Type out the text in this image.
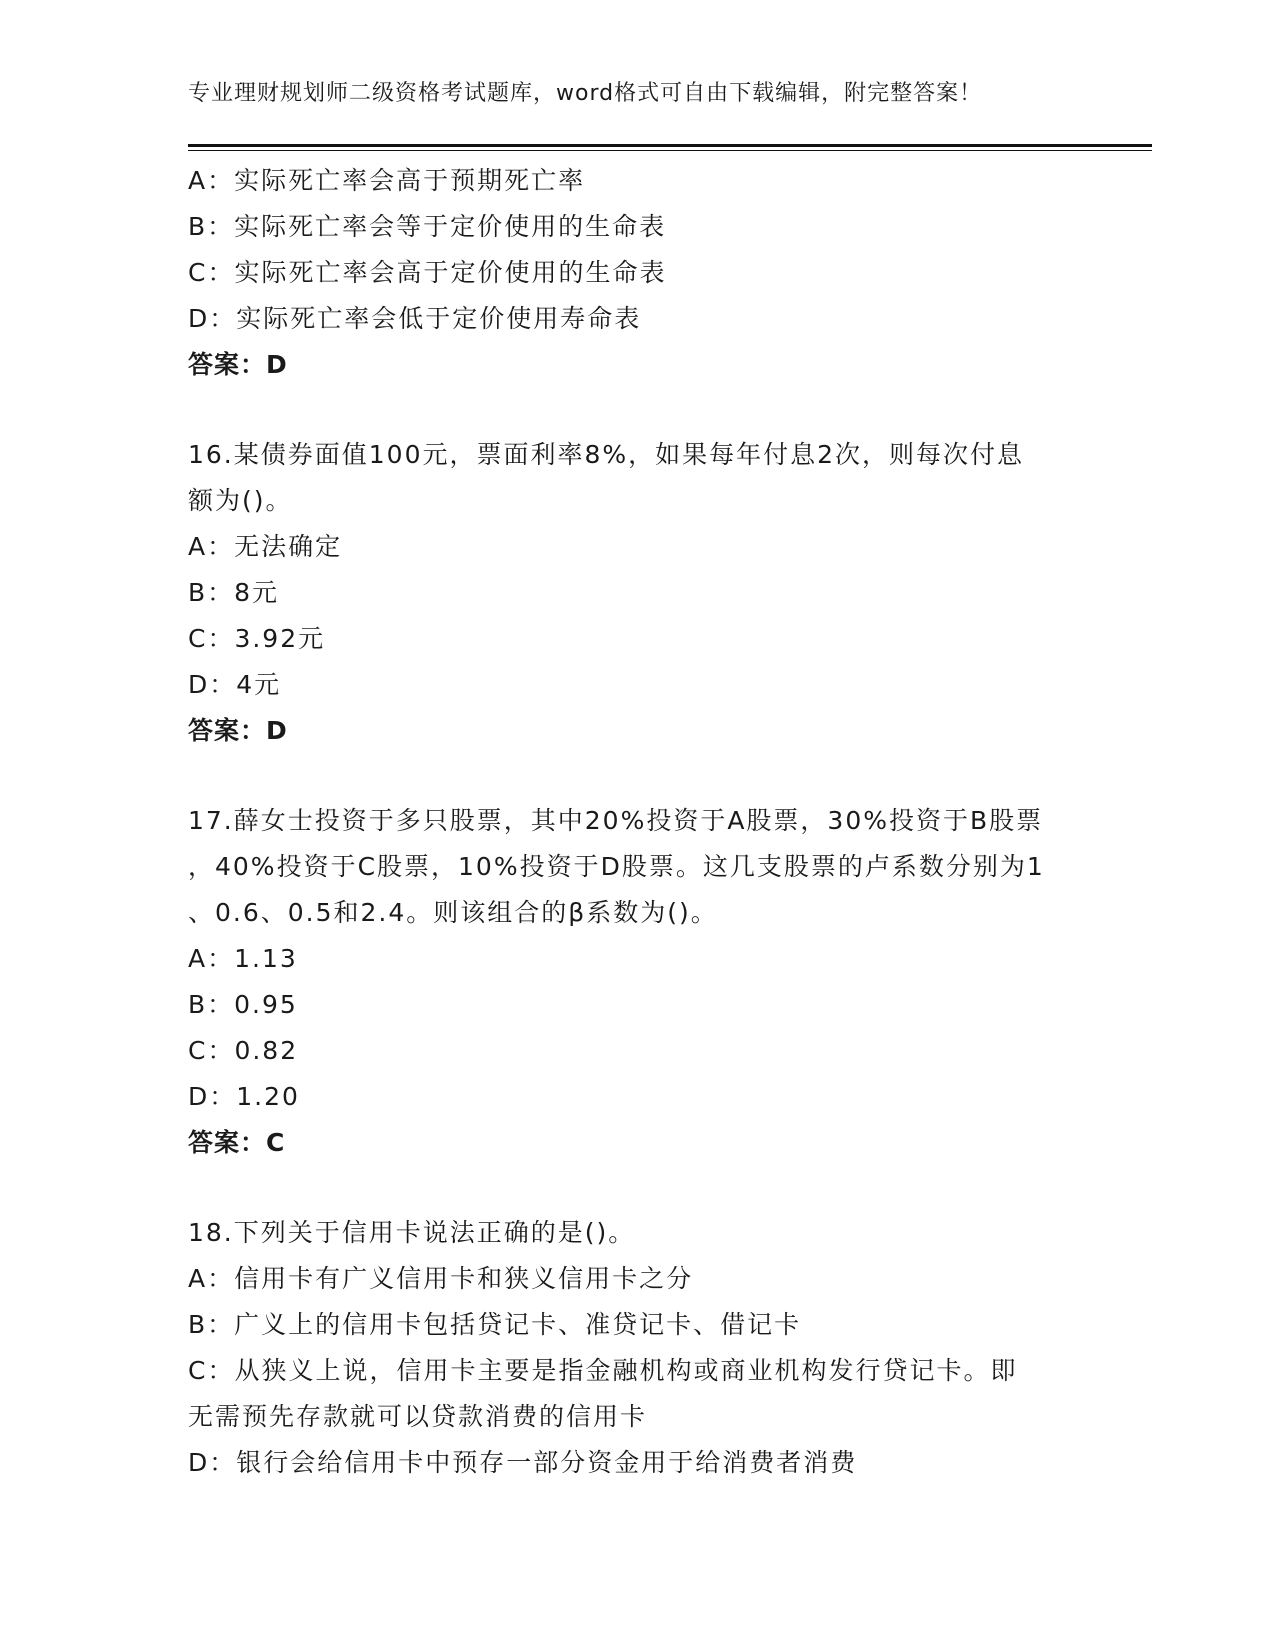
专业理财规划师二级资格考试题库，word格式可自由下载编辑，附完整答案！
A：实际死亡率会高于预期死亡率
B：实际死亡率会等于定价使用的生命表
C：实际死亡率会高于定价使用的生命表
D：实际死亡率会低于定价使用寿命表
答案：D
16.某债券面值100元，票面利率8%，如果每年付息2次，则每次付息
额为()。
A：无法确定
B：8元
C：3.92元
D：4元
答案：D
17.薛女士投资于多只股票，其中20%投资于A股票，30%投资于B股票
，40%投资于C股票，10%投资于D股票。这几支股票的卢系数分别为1
、0.6、0.5和2.4。则该组合的β系数为()。
A：1.13
B：0.95
C：0.82
D：1.20
答案：C
18.下列关于信用卡说法正确的是()。
A：信用卡有广义信用卡和狭义信用卡之分
B：广义上的信用卡包括贷记卡、准贷记卡、借记卡
C：从狭义上说，信用卡主要是指金融机构或商业机构发行贷记卡。即
无需预先存款就可以贷款消费的信用卡
D：银行会给信用卡中预存一部分资金用于给消费者消费
